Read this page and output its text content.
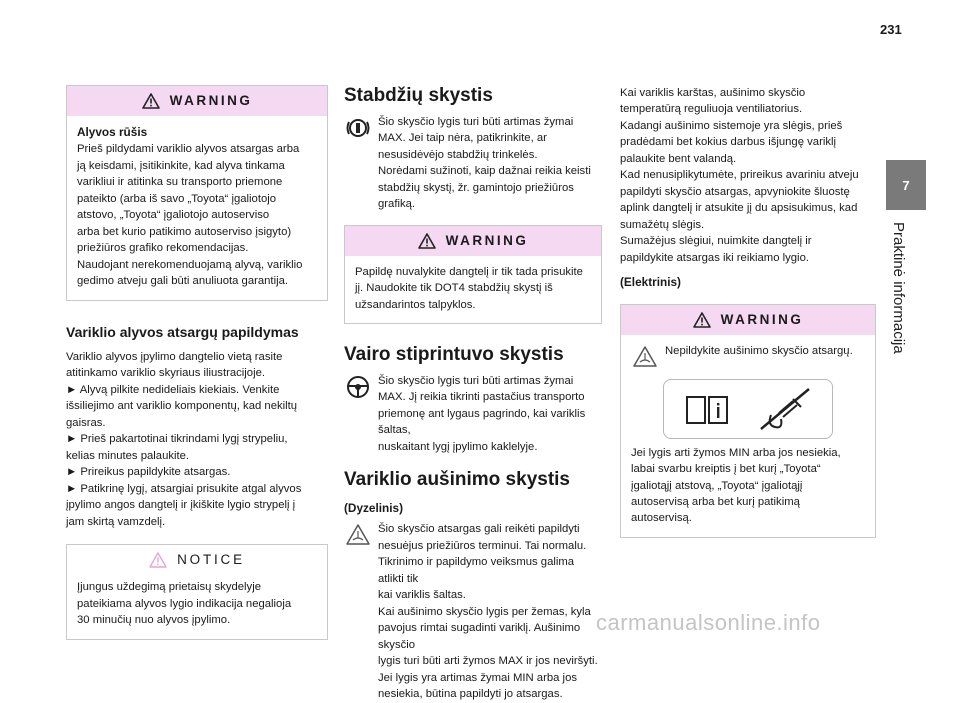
231
7
Praktinė informacija
WARNING
Alyvos rūšis
Prieš pildydami variklio alyvos atsargas arba
ją keisdami, įsitikinkite, kad alyva tinkama
varikliui ir atitinka su transporto priemone
pateikto (arba iš savo „Toyota“ įgaliotojo
atstovo, „Toyota“ įgaliotojo autoserviso
arba bet kurio patikimo autoserviso įsigyto)
priežiūros grafiko rekomendacijas.
Naudojant nerekomenduojamą alyvą, variklio
gedimo atveju gali būti anuliuota garantija.
Variklio alyvos atsargų papildymas
Variklio alyvos įpylimo dangtelio vietą rasite
atitinkamo variklio skyriaus iliustracijoje.
► Alyvą pilkite nedideliais kiekiais. Venkite
išsiliejimo ant variklio komponentų, kad nekiltų
gaisras.
► Prieš pakartotinai tikrindami lygį strypeliu,
kelias minutes palaukite.
► Prireikus papildykite atsargas.
► Patikrinę lygį, atsargiai prisukite atgal alyvos
įpylimo angos dangtelį ir įkiškite lygio strypelį į
jam skirtą vamzdelį.
NOTICE
Įjungus uždegimą prietaisų skydelyje
pateikiama alyvos lygio indikacija negalioja
30 minučių nuo alyvos įpylimo.
Stabdžių skystis
Šio skysčio lygis turi būti artimas žymai
MAX. Jei taip nėra, patikrinkite, ar
nesusidėvėjo stabdžių trinkelės.
Norėdami sužinoti, kaip dažnai reikia keisti
stabdžių skystį, žr. gamintojo priežiūros grafiką.
WARNING
Papildę nuvalykite dangtelį ir tik tada prisukite
jį. Naudokite tik DOT4 stabdžių skystį iš
užsandarintos talpyklos.
Vairo stiprintuvo skystis
Šio skysčio lygis turi būti artimas žymai
MAX. Jį reikia tikrinti pastačius transporto
priemonę ant lygaus pagrindo, kai variklis šaltas,
nuskaitant lygį įpylimo kaklelyje.
Variklio aušinimo skystis
(Dyzelinis)
Šio skysčio atsargas gali reikėti papildyti
nesuėjus priežiūros terminui. Tai normalu.
Tikrinimo ir papildymo veiksmus galima atlikti tik
kai variklis šaltas.
Kai aušinimo skysčio lygis per žemas, kyla
pavojus rimtai sugadinti variklį. Aušinimo skysčio
lygis turi būti arti žymos MAX ir jos neviršyti.
Jei lygis yra artimas žymai MIN arba jos
nesiekia, būtina papildyti jo atsargas.
Kai variklis karštas, aušinimo skysčio
temperatūrą reguliuoja ventiliatorius.
Kadangi aušinimo sistemoje yra slėgis, prieš
pradėdami bet kokius darbus išjungę variklį
palaukite bent valandą.
Kad nenusiplikytumėte, prireikus avariniu atveju
papildyti skysčio atsargas, apvyniokite šluostę
aplink dangtelį ir atsukite jį du apsisukimus, kad
sumažėtų slėgis.
Sumažėjus slėgiui, nuimkite dangtelį ir
papildykite atsargas iki reikiamo lygio.
(Elektrinis)
WARNING
Nepildykite aušinimo skysčio atsargų.
Jei lygis arti žymos MIN arba jos nesiekia,
labai svarbu kreiptis į bet kurį „Toyota“
įgaliotąjį atstovą, „Toyota“ įgaliotąjį
autoservisą arba bet kurį patikimą
autoservisą.
carmanualsonline.info
